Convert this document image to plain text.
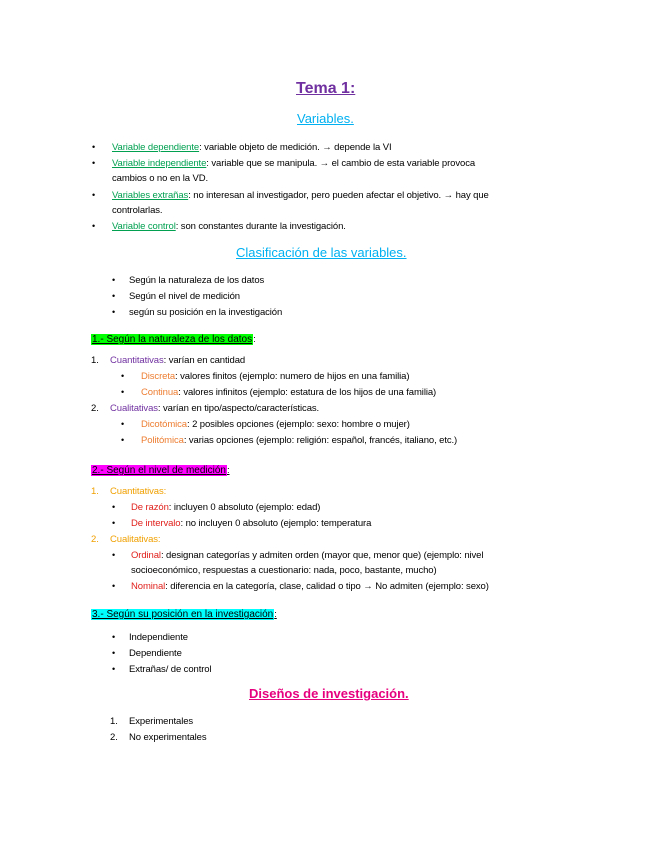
Tema 1:
Variables.
• Variable dependiente: variable objeto de medición. → depende la VI
• Variable independiente: variable que se manipula. → el cambio de esta variable provoca
cambios o no en la VD.
• Variables extrañas: no interesan al investigador, pero pueden afectar el objetivo. → hay que
controlarlas.
• Variable control: son constantes durante la investigación.
Clasificación de las variables.
• Según la naturaleza de los datos
• Según el nivel de medición
• según su posición en la investigación
1.- Según la naturaleza de los datos:
1. Cuantitativas: varían en cantidad
• Discreta: valores finitos (ejemplo: numero de hijos en una familia)
• Continua: valores infinitos (ejemplo: estatura de los hijos de una familia)
2. Cualitativas: varían en tipo/aspecto/características.
• Dicotómica: 2 posibles opciones (ejemplo: sexo: hombre o mujer)
• Politómica: varias opciones (ejemplo: religión: español, francés, italiano, etc.)
2.- Según el nivel de medición:
1. Cuantitativas:
• De razón: incluyen 0 absoluto (ejemplo: edad)
• De intervalo: no incluyen 0 absoluto (ejemplo: temperatura
2. Cualitativas:
• Ordinal: designan categorías y admiten orden (mayor que, menor que) (ejemplo: nivel
socioeconómico, respuestas a cuestionario: nada, poco, bastante, mucho)
• Nominal: diferencia en la categoría, clase, calidad o tipo → No admiten (ejemplo: sexo)
3.- Según su posición en la investigación:
• Independiente
• Dependiente
• Extrañas/ de control
Diseños de investigación.
1. Experimentales
2. No experimentales
